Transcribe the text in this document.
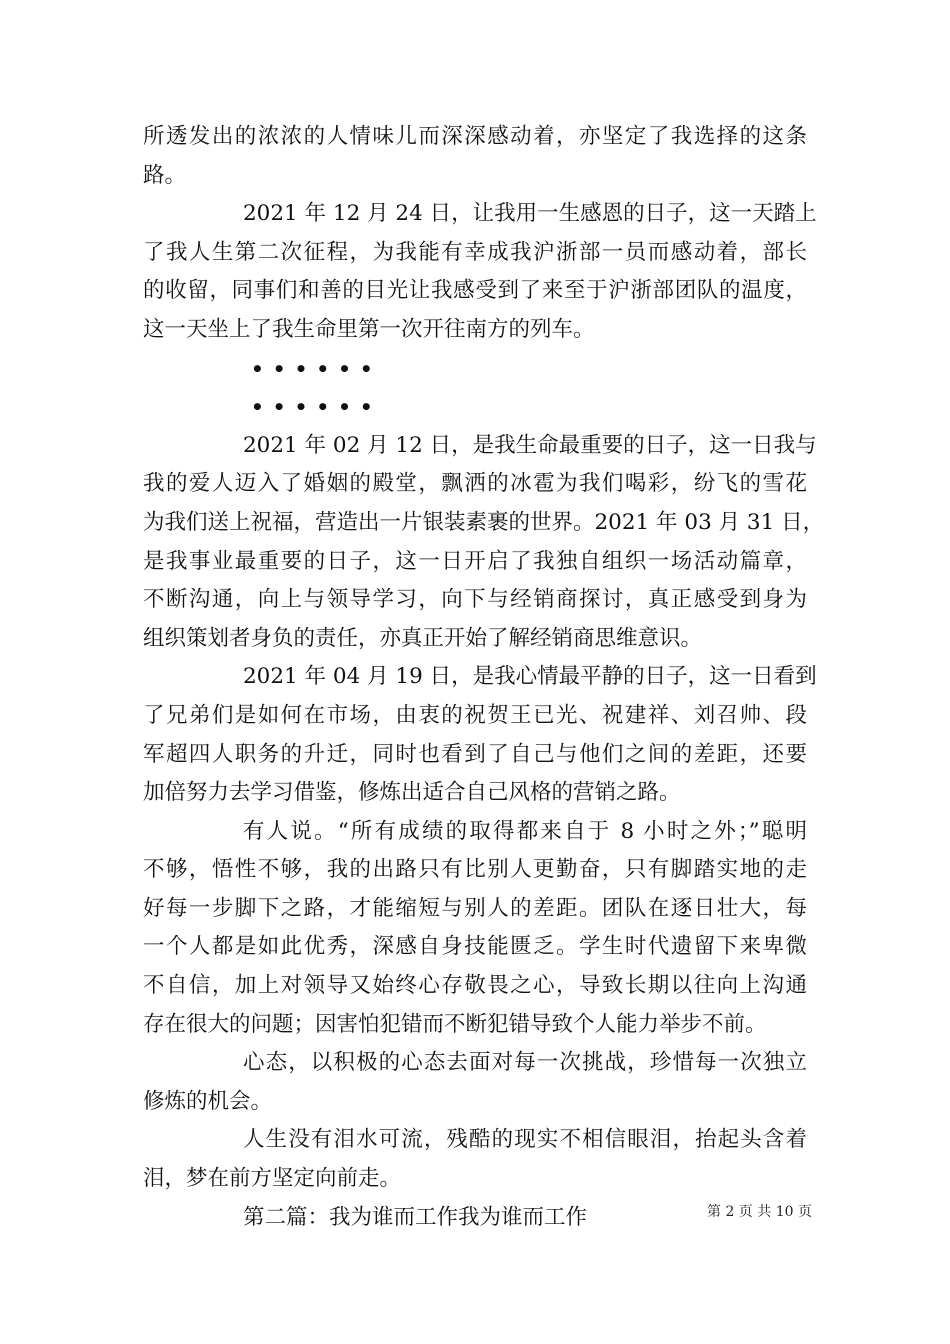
所透发出的浓浓的人情味儿而深深感动着，亦坚定了我选择的这条
路。
2021 年 12 月 24 日，让我用一生感恩的日子，这一天踏上
了我人生第二次征程，为我能有幸成我沪浙部一员而感动着，部长
的收留，同事们和善的目光让我感受到了来至于沪浙部团队的温度，
这一天坐上了我生命里第一次开往南方的列车。
••••••
••••••
2021 年 02 月 12 日，是我生命最重要的日子，这一日我与
我的爱人迈入了婚姻的殿堂，飘洒的冰雹为我们喝彩，纷飞的雪花
为我们送上祝福，营造出一片银装素裹的世界。2021 年 03 月 31 日，
是我事业最重要的日子，这一日开启了我独自组织一场活动篇章，
不断沟通，向上与领导学习，向下与经销商探讨，真正感受到身为
组织策划者身负的责任，亦真正开始了解经销商思维意识。
2021 年 04 月 19 日，是我心情最平静的日子，这一日看到
了兄弟们是如何在市场，由衷的祝贺王已光、祝建祥、刘召帅、段
军超四人职务的升迁，同时也看到了自己与他们之间的差距，还要
加倍努力去学习借鉴，修炼出适合自己风格的营销之路。
有人说。“所有成绩的取得都来自于 8 小时之外；”聪明
不够，悟性不够，我的出路只有比别人更勤奋，只有脚踏实地的走
好每一步脚下之路，才能缩短与别人的差距。团队在逐日壮大，每
一个人都是如此优秀，深感自身技能匮乏。学生时代遗留下来卑微
不自信，加上对领导又始终心存敬畏之心，导致长期以往向上沟通
存在很大的问题；因害怕犯错而不断犯错导致个人能力举步不前。
心态，以积极的心态去面对每一次挑战，珍惜每一次独立
修炼的机会。
人生没有泪水可流，残酷的现实不相信眼泪，抬起头含着
泪，梦在前方坚定向前走。
第二篇：我为谁而工作我为谁而工作	第 2 页 共 10 页
